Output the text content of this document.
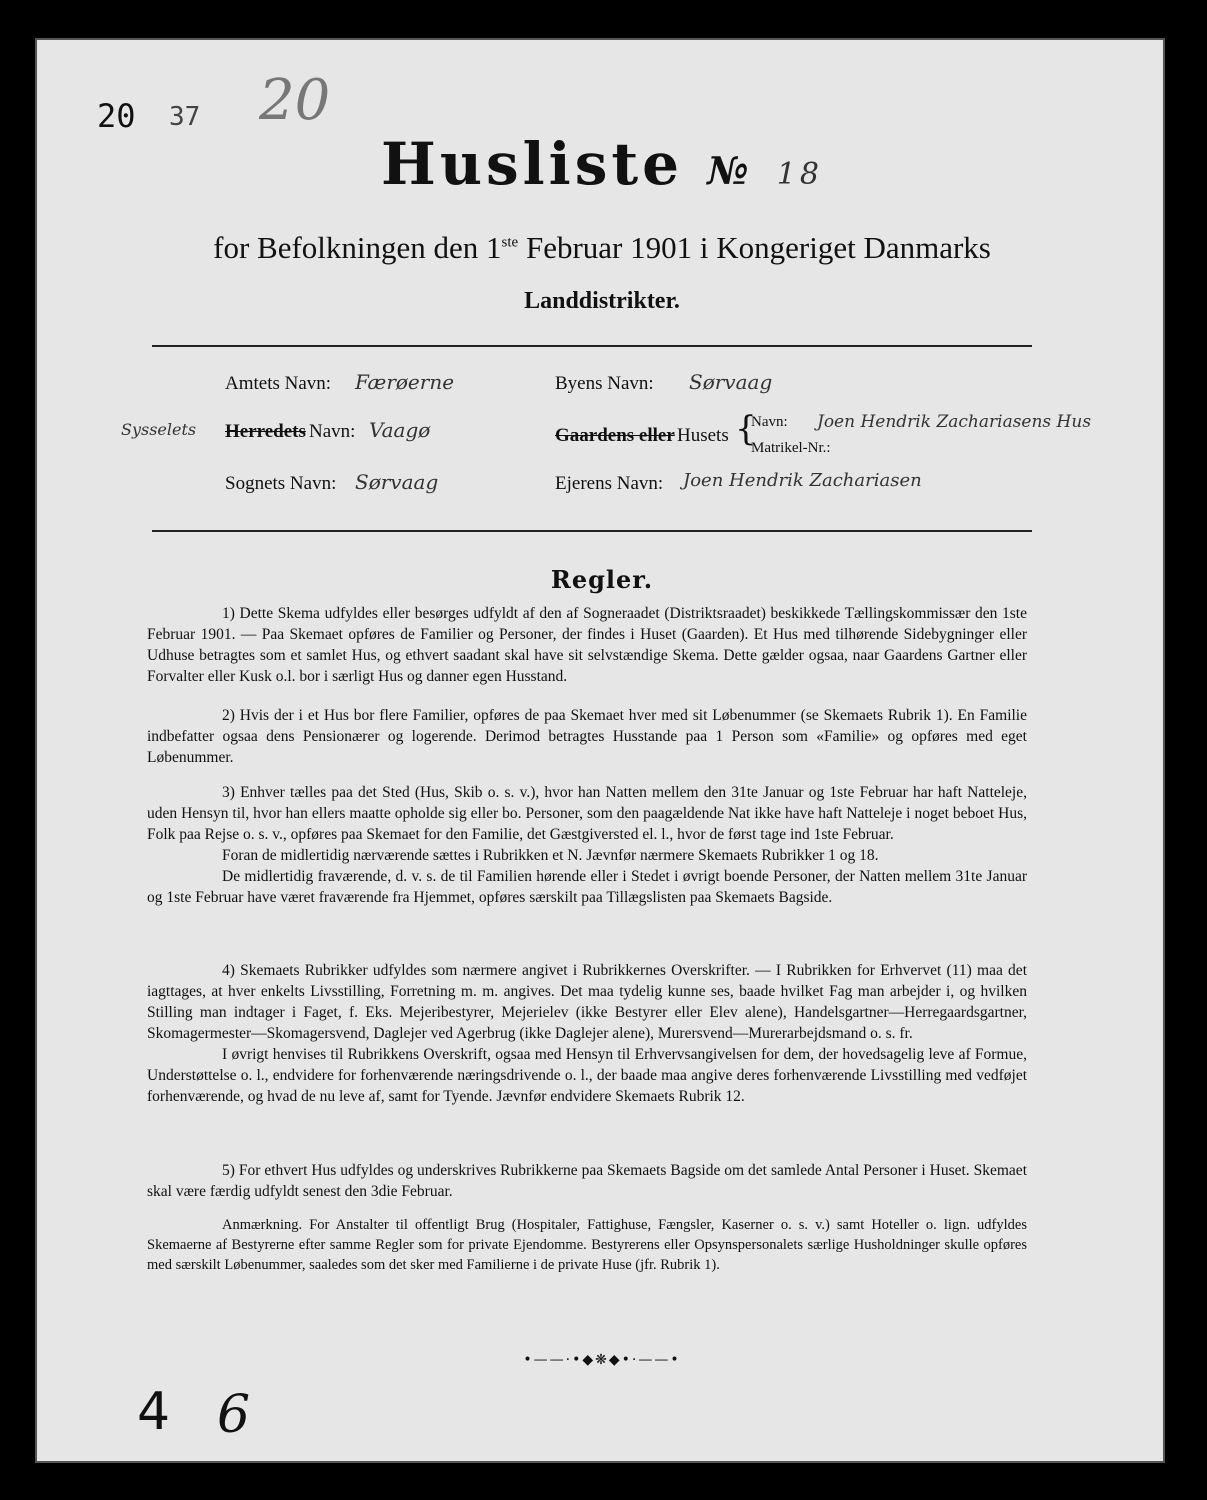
20 37 20
Husliste № 18
for Befolkningen den 1ste Februar 1901 i Kongeriget Danmarks
Landdistrikter.
Amtets Navn: Færøerne	Byens Navn: Sørvaag
Sysselets Herredets Navn: Vaagø	Gaardens eller Husets {
Navn: Joen Hendrik Zachariasens Hus
Matrikel-Nr.:
Sognets Navn: Sørvaag	Ejerens Navn: Joen Hendrik Zachariasen
Regler.

1) Dette Skema udfyldes eller besørges udfyldt af den af Sogneraadet (Distriktsraadet) beskikkede Tællingskommissær den 1ste Februar 1901. — Paa Skemaet opføres de Familier og Personer, der findes i Huset (Gaarden). Et Hus med tilhørende Sidebygninger eller Udhuse betragtes som et samlet Hus, og ethvert saadant skal have sit selvstændige Skema. Dette gælder ogsaa, naar Gaardens Gartner eller Forvalter eller Kusk o.l. bor i særligt Hus og danner egen Husstand.

2) Hvis der i et Hus bor flere Familier, opføres de paa Skemaet hver med sit Løbenummer (se Skemaets Rubrik 1). En Familie indbefatter ogsaa dens Pensionærer og logerende. Derimod betragtes Husstande paa 1 Person som «Familie» og opføres med eget Løbenummer.

3) Enhver tælles paa det Sted (Hus, Skib o. s. v.), hvor han Natten mellem den 31te Januar og 1ste Februar har haft Natteleje, uden Hensyn til, hvor han ellers maatte opholde sig eller bo. Personer, som den paagældende Nat ikke have haft Natteleje i noget beboet Hus, Folk paa Rejse o. s. v., opføres paa Skemaet for den Familie, det Gæstgiversted el. l., hvor de først tage ind 1ste Februar.

Foran de midlertidig nærværende sættes i Rubrikken et N. Jævnfør nærmere Skemaets Rubrikker 1 og 18.

De midlertidig fraværende, d. v. s. de til Familien hørende eller i Stedet i øvrigt boende Personer, der Natten mellem 31te Januar og 1ste Februar have været fraværende fra Hjemmet, opføres særskilt paa Tillægslisten paa Skemaets Bagside.

4) Skemaets Rubrikker udfyldes som nærmere angivet i Rubrikkernes Overskrifter. — I Rubrikken for Erhvervet (11) maa det iagttages, at hver enkelts Livsstilling, Forretning m. m. angives. Det maa tydelig kunne ses, baade hvilket Fag man arbejder i, og hvilken Stilling man indtager i Faget, f. Eks. Mejeribestyrer, Mejerielev (ikke Bestyrer eller Elev alene), Handelsgartner—Herregaardsgartner, Skomagermester—Skomagersvend, Daglejer ved Agerbrug (ikke Daglejer alene), Murersvend—Murerarbejdsmand o. s. fr.

I øvrigt henvises til Rubrikkens Overskrift, ogsaa med Hensyn til Erhvervsangivelsen for dem, der hovedsagelig leve af Formue, Understøttelse o. l., endvidere for forhenværende næringsdrivende o. l., der baade maa angive deres forhenværende Livsstilling med vedføjet forhenværende, og hvad de nu leve af, samt for Tyende. Jævnfør endvidere Skemaets Rubrik 12.

5) For ethvert Hus udfyldes og underskrives Rubrikkerne paa Skemaets Bagside om det samlede Antal Personer i Huset. Skemaet skal være færdig udfyldt senest den 3die Februar.

Anmærkning. For Anstalter til offentligt Brug (Hospitaler, Fattighuse, Fængsler, Kaserner o. s. v.) samt Hoteller o. lign. udfyldes Skemaerne af Bestyrerne efter samme Regler som for private Ejendomme. Bestyrerens eller Opsynspersonalets særlige Husholdninger skulle opføres med særskilt Løbenummer, saaledes som det sker med Familierne i de private Huse (jfr. Rubrik 1).

•——·•◆❋◆•·——•
4 6
